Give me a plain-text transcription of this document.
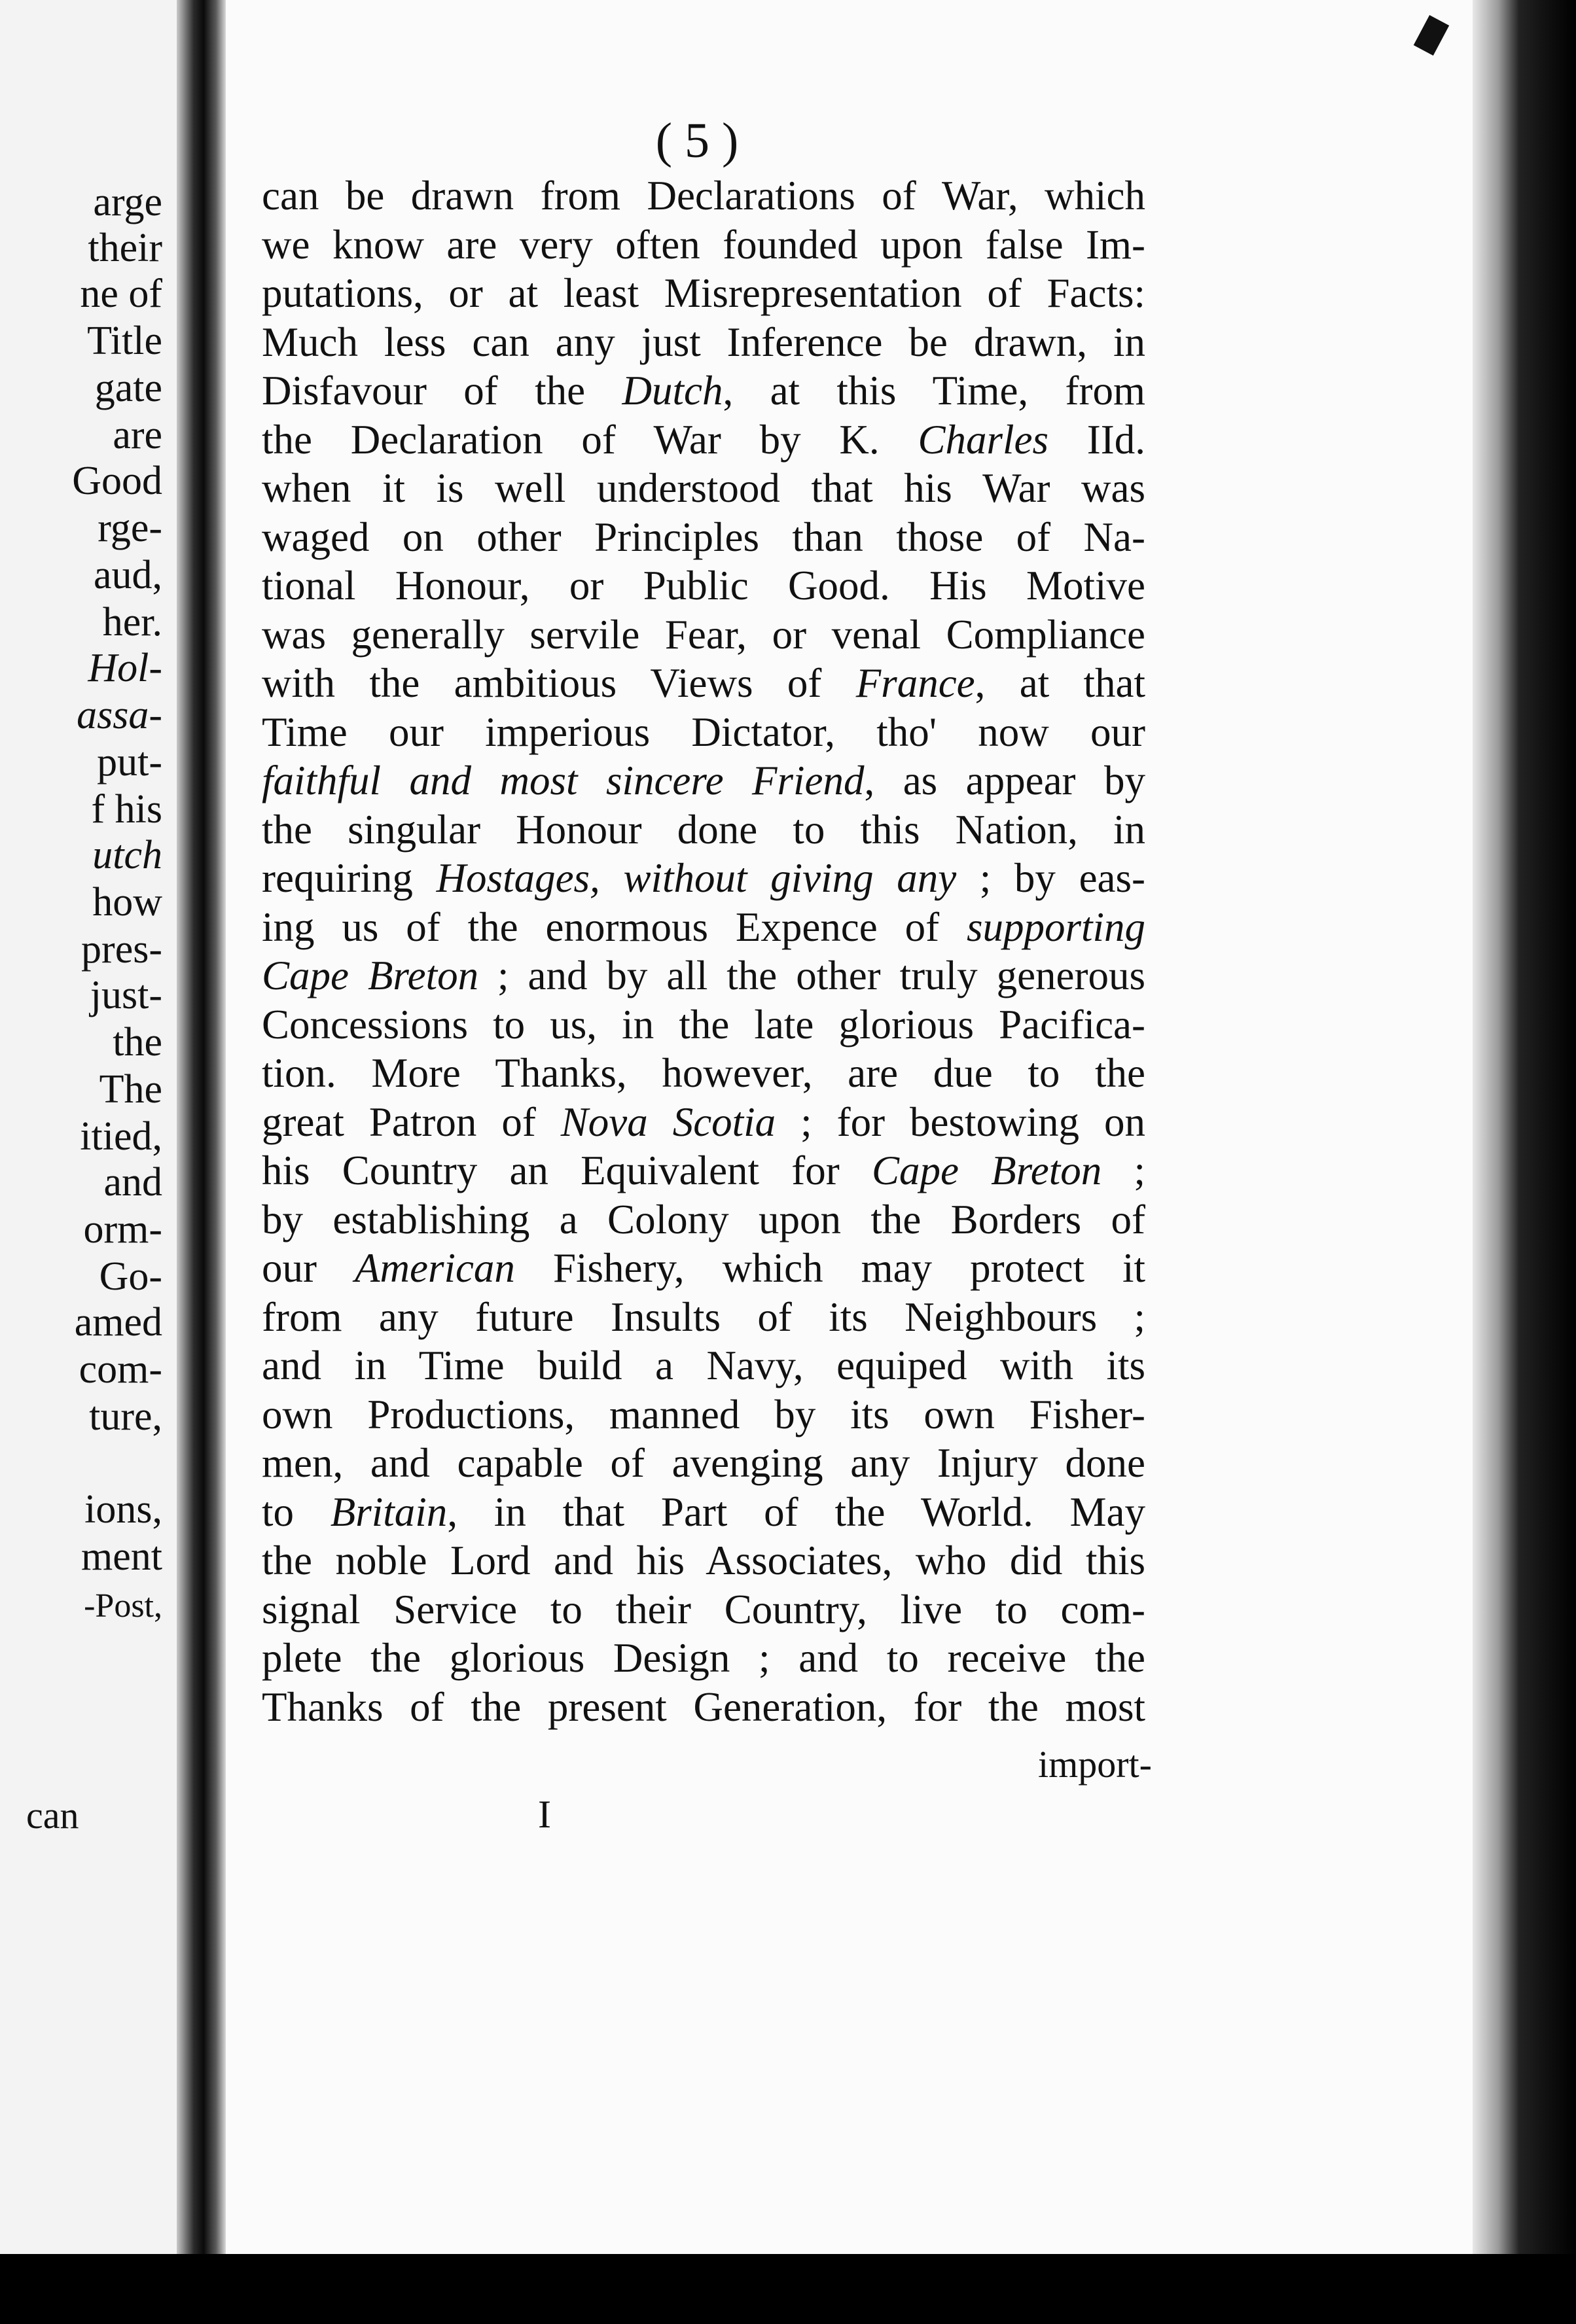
arge
their
ne of
Title
gate
are
Good
rge-
aud,
her.
Hol-
assa-
put-
f his
utch
how
pres-
just-
the
The
itied,
and
orm-
Go-
amed
com-
ture,
ions,
ment
-Post,
( 5 )
can be drawn from Declarations of War, which
we know are very often founded upon false Im-
putations, or at least Misrepresentation of Facts:
Much less can any just Inference be drawn, in
Disfavour of the Dutch, at this Time, from
the Declaration of War by K. Charles IId.
when it is well understood that his War was
waged on other Principles than those of Na-
tional Honour, or Public Good. His Motive
was generally servile Fear, or venal Compliance
with the ambitious Views of France, at that
Time our imperious Dictator, tho' now our
faithful and most sincere Friend, as appear by
the singular Honour done to this Nation, in
requiring Hostages, without giving any ; by eas-
ing us of the enormous Expence of supporting
Cape Breton ; and by all the other truly generous
Concessions to us, in the late glorious Pacifica-
tion. More Thanks, however, are due to the
great Patron of Nova Scotia ; for bestowing on
his Country an Equivalent for Cape Breton ;
by establishing a Colony upon the Borders of
our American Fishery, which may protect it
from any future Insults of its Neighbours ;
and in Time build a Navy, equiped with its
own Productions, manned by its own Fisher-
men, and capable of avenging any Injury done
to Britain, in that Part of the World. May
the noble Lord and his Associates, who did this
signal Service to their Country, live to com-
plete the glorious Design ; and to receive the
Thanks of the present Generation, for the most
import-
I
can
